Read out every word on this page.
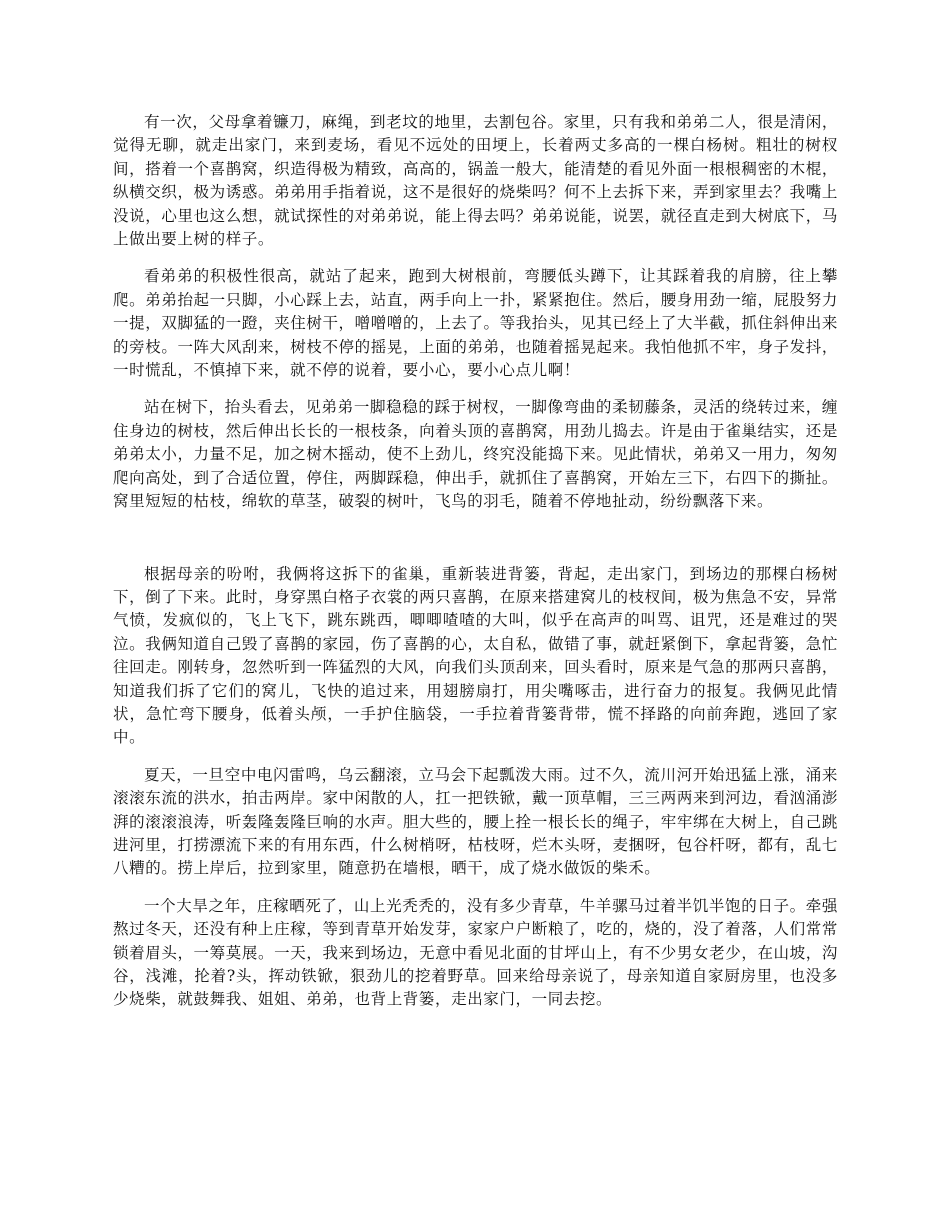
有一次，父母拿着镰刀，麻绳，到老坟的地里，去割包谷。家里，只有我和弟弟二人，很是清闲，觉得无聊，就走出家门，来到麦场，看见不远处的田埂上，长着两丈多高的一棵白杨树。粗壮的树杈间，搭着一个喜鹊窝，织造得极为精致，高高的，锅盖一般大，能清楚的看见外面一根根稠密的木棍，纵横交织，极为诱惑。弟弟用手指着说，这不是很好的烧柴吗？何不上去拆下来，弄到家里去？我嘴上没说，心里也这么想，就试探性的对弟弟说，能上得去吗？弟弟说能，说罢，就径直走到大树底下，马上做出要上树的样子。

看弟弟的积极性很高，就站了起来，跑到大树根前，弯腰低头蹲下，让其踩着我的肩膀，往上攀爬。弟弟抬起一只脚，小心踩上去，站直，两手向上一扑，紧紧抱住。然后，腰身用劲一缩，屁股努力一提，双脚猛的一蹬，夹住树干，噌噌噌的，上去了。等我抬头，见其已经上了大半截，抓住斜伸出来的旁枝。一阵大风刮来，树枝不停的摇晃，上面的弟弟，也随着摇晃起来。我怕他抓不牢，身子发抖，一时慌乱，不慎掉下来，就不停的说着，要小心，要小心点儿啊！

站在树下，抬头看去，见弟弟一脚稳稳的踩于树杈，一脚像弯曲的柔韧藤条，灵活的绕转过来，缠住身边的树枝，然后伸出长长的一根枝条，向着头顶的喜鹊窝，用劲儿捣去。许是由于雀巢结实，还是弟弟太小，力量不足，加之树木摇动，使不上劲儿，终究没能捣下来。见此情状，弟弟又一用力，匆匆爬向高处，到了合适位置，停住，两脚踩稳，伸出手，就抓住了喜鹊窝，开始左三下，右四下的撕扯。窝里短短的枯枝，绵软的草茎，破裂的树叶，飞鸟的羽毛，随着不停地扯动，纷纷飘落下来。

根据母亲的吩咐，我俩将这拆下的雀巢，重新装进背篓，背起，走出家门，到场边的那棵白杨树下，倒了下来。此时，身穿黑白格子衣裳的两只喜鹊，在原来搭建窝儿的枝杈间，极为焦急不安，异常气愤，发疯似的，飞上飞下，跳东跳西，唧唧喳喳的大叫，似乎在高声的叫骂、诅咒，还是难过的哭泣。我俩知道自己毁了喜鹊的家园，伤了喜鹊的心，太自私，做错了事，就赶紧倒下，拿起背篓，急忙往回走。刚转身，忽然听到一阵猛烈的大风，向我们头顶刮来，回头看时，原来是气急的那两只喜鹊，知道我们拆了它们的窝儿，飞快的追过来，用翅膀扇打，用尖嘴啄击，进行奋力的报复。我俩见此情状，急忙弯下腰身，低着头颅，一手护住脑袋，一手拉着背篓背带，慌不择路的向前奔跑，逃回了家中。

夏天，一旦空中电闪雷鸣，乌云翻滚，立马会下起瓢泼大雨。过不久，流川河开始迅猛上涨，涌来滚滚东流的洪水，拍击两岸。家中闲散的人，扛一把铁锨，戴一顶草帽，三三两两来到河边，看汹涌澎湃的滚滚浪涛，听轰隆轰隆巨响的水声。胆大些的，腰上拴一根长长的绳子，牢牢绑在大树上，自己跳进河里，打捞漂流下来的有用东西，什么树梢呀，枯枝呀，烂木头呀，麦捆呀，包谷杆呀，都有，乱七八糟的。捞上岸后，拉到家里，随意扔在墙根，晒干，成了烧水做饭的柴禾。

一个大旱之年，庄稼晒死了，山上光秃秃的，没有多少青草，牛羊骡马过着半饥半饱的日子。牵强熬过冬天，还没有种上庄稼，等到青草开始发芽，家家户户断粮了，吃的，烧的，没了着落，人们常常锁着眉头，一筹莫展。一天，我来到场边，无意中看见北面的甘坪山上，有不少男女老少，在山坡，沟谷，浅滩，抡着?头，挥动铁锨，狠劲儿的挖着野草。回来给母亲说了，母亲知道自家厨房里，也没多少烧柴，就鼓舞我、姐姐、弟弟，也背上背篓，走出家门，一同去挖。
